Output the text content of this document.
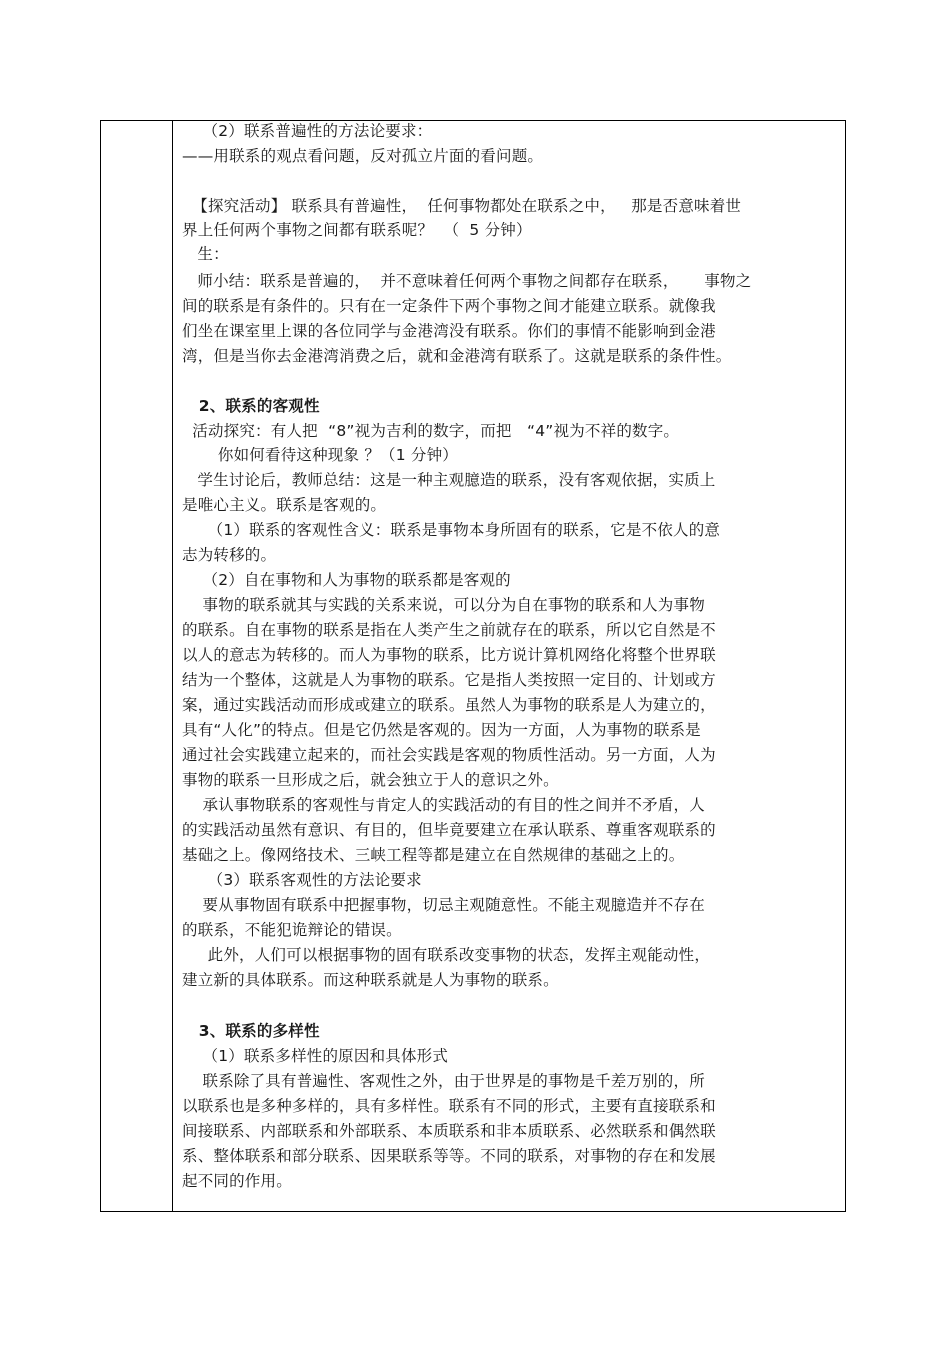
（2）联系普遍性的方法论要求：
——用联系的观点看问题，反对孤立片面的看问题。
【探究活动】 联系具有普遍性，  任何事物都处在联系之中，   那是否意味着世
界上任何两个事物之间都有联系呢？  （  5 分钟）
生：
师小结：联系是普遍的，  并不意味着任何两个事物之间都存在联系，     事物之
间的联系是有条件的。只有在一定条件下两个事物之间才能建立联系。就像我
们坐在课室里上课的各位同学与金港湾没有联系。你们的事情不能影响到金港
湾，但是当你去金港湾消费之后，就和金港湾有联系了。这就是联系的条件性。
2、联系的客观性
活动探究：有人把  “8”视为吉利的数字，而把   “4”视为不祥的数字。
你如何看待这种现象 ？（1 分钟）
学生讨论后，教师总结：这是一种主观臆造的联系，没有客观依据，实质上
是唯心主义。联系是客观的。
（1）联系的客观性含义：联系是事物本身所固有的联系，它是不依人的意
志为转移的。
（2）自在事物和人为事物的联系都是客观的
事物的联系就其与实践的关系来说，可以分为自在事物的联系和人为事物
的联系。自在事物的联系是指在人类产生之前就存在的联系，所以它自然是不
以人的意志为转移的。而人为事物的联系，比方说计算机网络化将整个世界联
结为一个整体，这就是人为事物的联系。它是指人类按照一定目的、计划或方
案，通过实践活动而形成或建立的联系。虽然人为事物的联系是人为建立的，
具有“人化”的特点。但是它仍然是客观的。因为一方面，人为事物的联系是
通过社会实践建立起来的，而社会实践是客观的物质性活动。另一方面，人为
事物的联系一旦形成之后，就会独立于人的意识之外。
承认事物联系的客观性与肯定人的实践活动的有目的性之间并不矛盾，人
的实践活动虽然有意识、有目的，但毕竟要建立在承认联系、尊重客观联系的
基础之上。像网络技术、三峡工程等都是建立在自然规律的基础之上的。
（3）联系客观性的方法论要求
要从事物固有联系中把握事物，切忌主观随意性。不能主观臆造并不存在
的联系，不能犯诡辩论的错误。
此外，人们可以根据事物的固有联系改变事物的状态，发挥主观能动性，
建立新的具体联系。而这种联系就是人为事物的联系。
3、联系的多样性
（1）联系多样性的原因和具体形式
联系除了具有普遍性、客观性之外，由于世界是的事物是千差万别的，所
以联系也是多种多样的，具有多样性。联系有不同的形式，主要有直接联系和
间接联系、内部联系和外部联系、本质联系和非本质联系、必然联系和偶然联
系、整体联系和部分联系、因果联系等等。不同的联系，对事物的存在和发展
起不同的作用。
